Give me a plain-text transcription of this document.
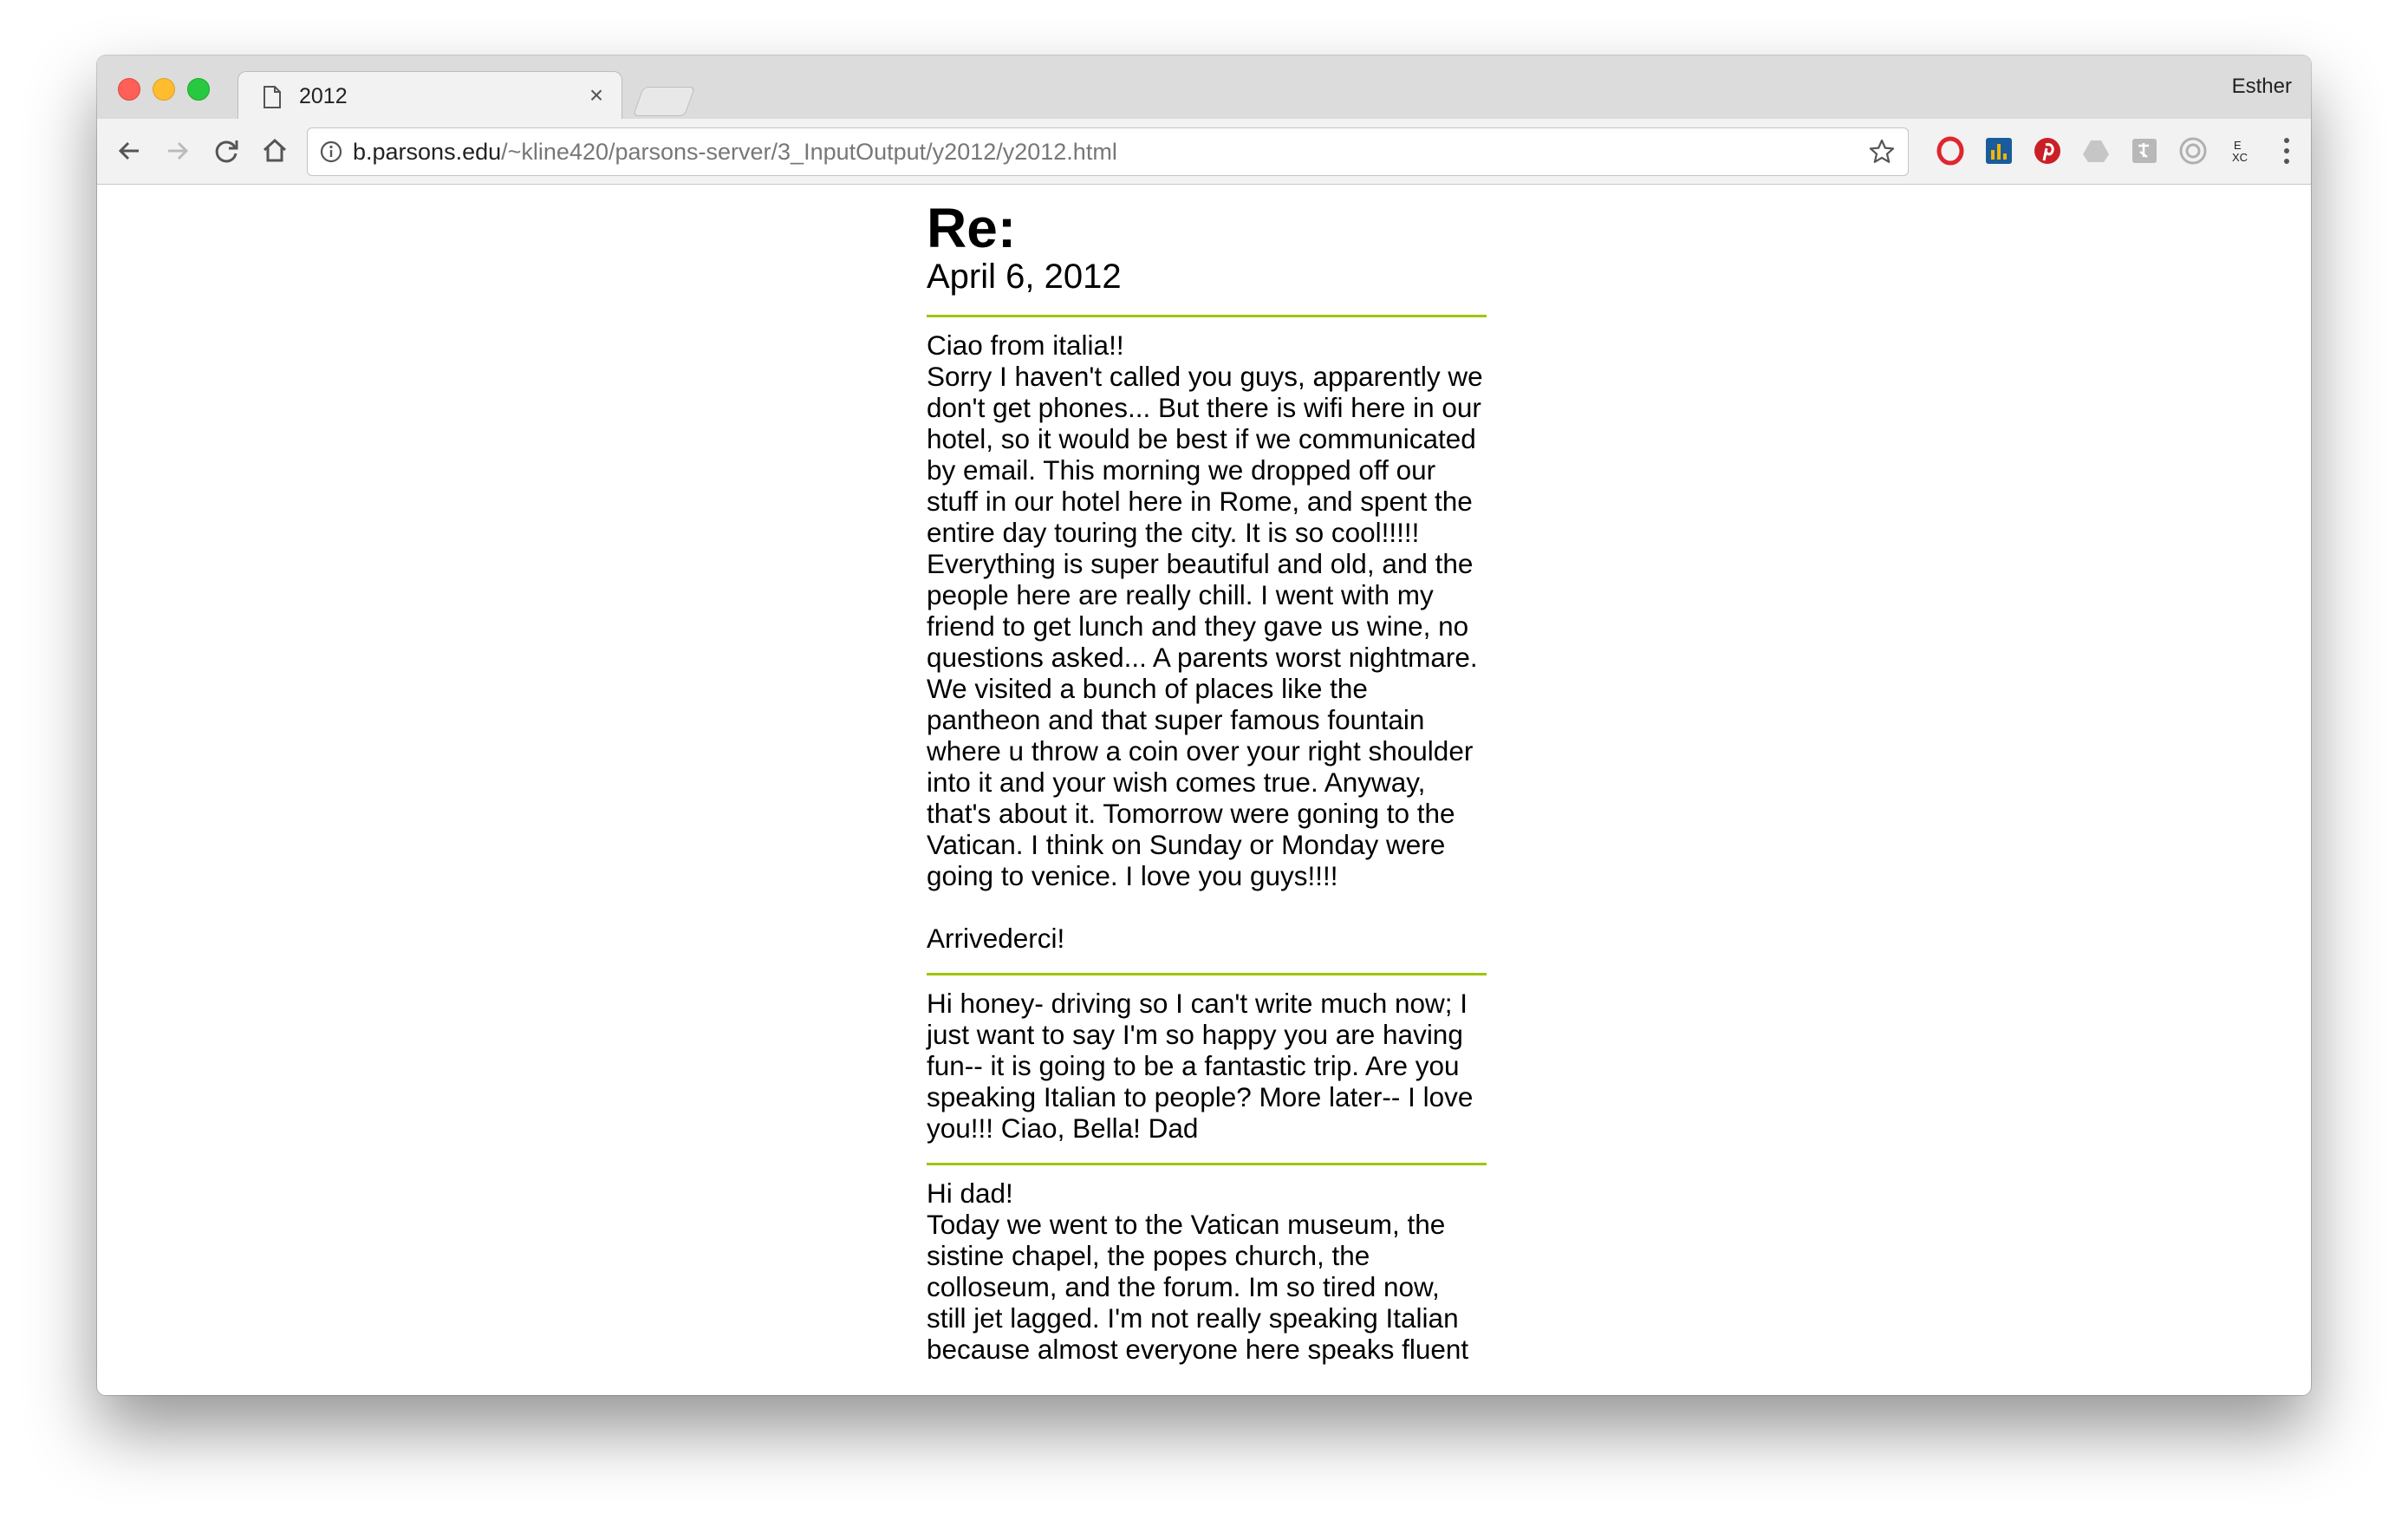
2012	×	Esther
b.parsons.edu/~kline420/parsons-server/3_InputOutput/y2012/y2012.html	E
XC
Re:

April 6, 2012

Ciao from italia!!
Sorry I haven't called you guys, apparently we don't get phones... But there is wifi here in our hotel, so it would be best if we communicated by email. This morning we dropped off our stuff in our hotel here in Rome, and spent the entire day touring the city. It is so cool!!!!! Everything is super beautiful and old, and the people here are really chill. I went with my friend to get lunch and they gave us wine, no questions asked... A parents worst nightmare. We visited a bunch of places like the pantheon and that super famous fountain where u throw a coin over your right shoulder into it and your wish comes true. Anyway, that's about it. Tomorrow were goning to the Vatican. I think on Sunday or Monday were going to venice. I love you guys!!!!

Arrivederci!

Hi honey- driving so I can't write much now; I just want to say I'm so happy you are having fun-- it is going to be a fantastic trip. Are you speaking Italian to people? More later-- I love you!!! Ciao, Bella! Dad

Hi dad!
Today we went to the Vatican museum, the sistine chapel, the popes church, the colloseum, and the forum. Im so tired now, still jet lagged. I'm not really speaking Italian because almost everyone here speaks fluent
